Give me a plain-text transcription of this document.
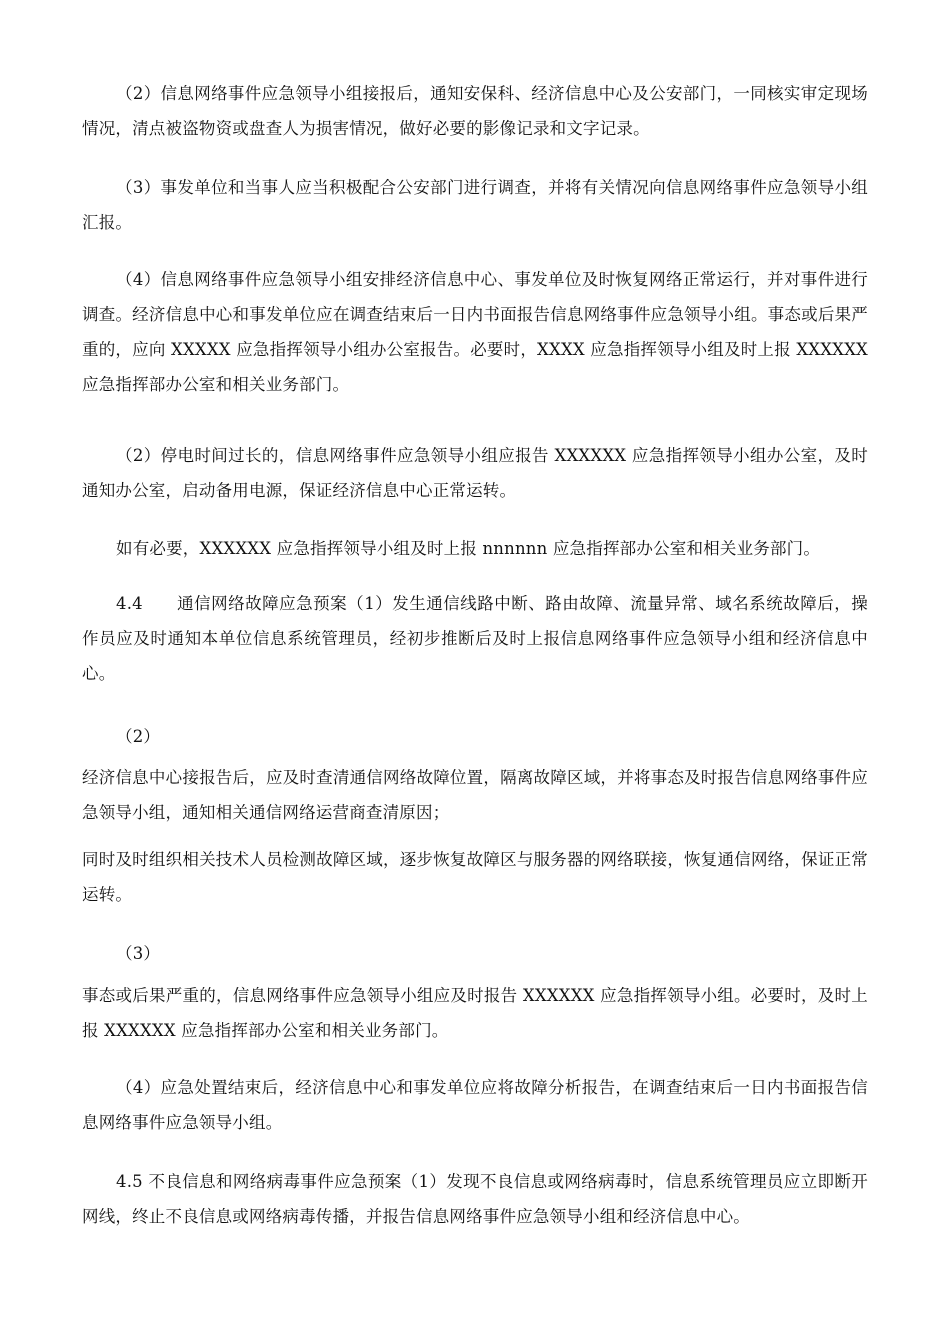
（2）信息网络事件应急领导小组接报后，通知安保科、经济信息中心及公安部门，一同核实审定现场情况，清点被盗物资或盘查人为损害情况，做好必要的影像记录和文字记录。

（3）事发单位和当事人应当积极配合公安部门进行调查，并将有关情况向信息网络事件应急领导小组汇报。

（4）信息网络事件应急领导小组安排经济信息中心、事发单位及时恢复网络正常运行，并对事件进行调查。经济信息中心和事发单位应在调查结束后一日内书面报告信息网络事件应急领导小组。事态或后果严重的，应向 XXXXX 应急指挥领导小组办公室报告。必要时，XXXX 应急指挥领导小组及时上报 XXXXXX 应急指挥部办公室和相关业务部门。

（2）停电时间过长的，信息网络事件应急领导小组应报告 XXXXXX 应急指挥领导小组办公室，及时通知办公室，启动备用电源，保证经济信息中心正常运转。

如有必要，XXXXXX 应急指挥领导小组及时上报 nnnnnn 应急指挥部办公室和相关业务部门。

4.4　　通信网络故障应急预案（1）发生通信线路中断、路由故障、流量异常、域名系统故障后，操作员应及时通知本单位信息系统管理员，经初步推断后及时上报信息网络事件应急领导小组和经济信息中心。

（2）

经济信息中心接报告后，应及时查清通信网络故障位置，隔离故障区域，并将事态及时报告信息网络事件应急领导小组，通知相关通信网络运营商查清原因；

同时及时组织相关技术人员检测故障区域，逐步恢复故障区与服务器的网络联接，恢复通信网络，保证正常运转。

（3）

事态或后果严重的，信息网络事件应急领导小组应及时报告 XXXXXX 应急指挥领导小组。必要时，及时上报 XXXXXX 应急指挥部办公室和相关业务部门。

（4）应急处置结束后，经济信息中心和事发单位应将故障分析报告，在调查结束后一日内书面报告信息网络事件应急领导小组。

4.5 不良信息和网络病毒事件应急预案（1）发现不良信息或网络病毒时，信息系统管理员应立即断开网线，终止不良信息或网络病毒传播，并报告信息网络事件应急领导小组和经济信息中心。
